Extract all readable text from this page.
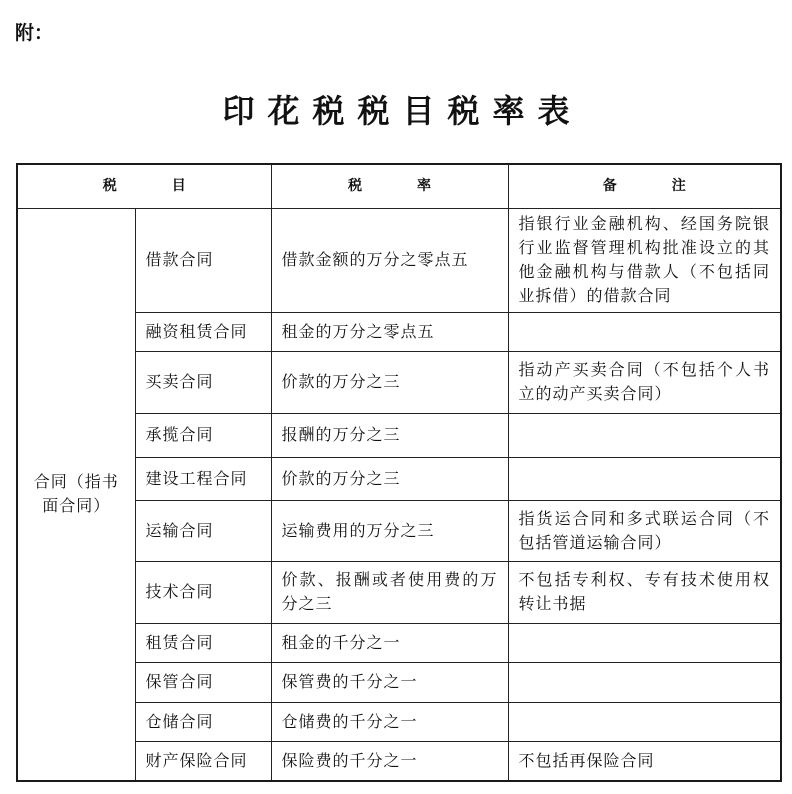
附：
印花税税目税率表
税　　目		税　　率	备　　注
合同（指书面合同）	借款合同	借款金额的万分之零点五	指银行业金融机构、经国务院银行业监督管理机构批准设立的其他金融机构与借款人（不包括同业拆借）的借款合同
	融资租赁合同	租金的万分之零点五	
	买卖合同	价款的万分之三	指动产买卖合同（不包括个人书立的动产买卖合同）
	承揽合同	报酬的万分之三	
	建设工程合同	价款的万分之三	
	运输合同	运输费用的万分之三	指货运合同和多式联运合同（不包括管道运输合同）
	技术合同	价款、报酬或者使用费的万分之三	不包括专利权、专有技术使用权转让书据
	租赁合同	租金的千分之一	
	保管合同	保管费的千分之一	
	仓储合同	仓储费的千分之一	
	财产保险合同	保险费的千分之一	不包括再保险合同
